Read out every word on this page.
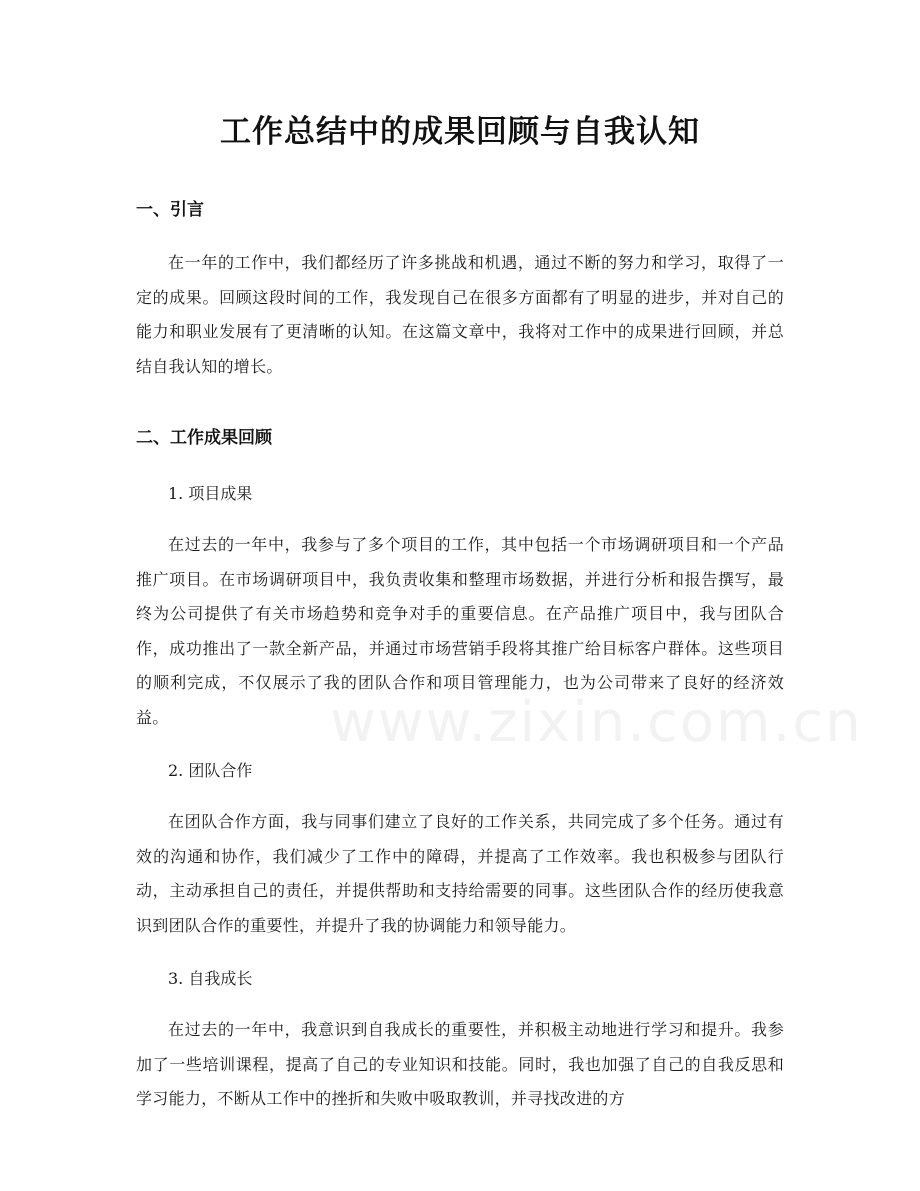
工作总结中的成果回顾与自我认知
一、引言

在一年的工作中，我们都经历了许多挑战和机遇，通过不断的努力和学习，取得了一定的成果。回顾这段时间的工作，我发现自己在很多方面都有了明显的进步，并对自己的能力和职业发展有了更清晰的认知。在这篇文章中，我将对工作中的成果进行回顾，并总结自我认知的增长。

二、工作成果回顾
1. 项目成果

在过去的一年中，我参与了多个项目的工作，其中包括一个市场调研项目和一个产品推广项目。在市场调研项目中，我负责收集和整理市场数据，并进行分析和报告撰写，最终为公司提供了有关市场趋势和竞争对手的重要信息。在产品推广项目中，我与团队合作，成功推出了一款全新产品，并通过市场营销手段将其推广给目标客户群体。这些项目的顺利完成，不仅展示了我的团队合作和项目管理能力，也为公司带来了良好的经济效益。

2. 团队合作

在团队合作方面，我与同事们建立了良好的工作关系，共同完成了多个任务。通过有效的沟通和协作，我们减少了工作中的障碍，并提高了工作效率。我也积极参与团队行动，主动承担自己的责任，并提供帮助和支持给需要的同事。这些团队合作的经历使我意识到团队合作的重要性，并提升了我的协调能力和领导能力。

3. 自我成长

在过去的一年中，我意识到自我成长的重要性，并积极主动地进行学习和提升。我参加了一些培训课程，提高了自己的专业知识和技能。同时，我也加强了自己的自我反思和学习能力，不断从工作中的挫折和失败中吸取教训，并寻找改进的方

www.zixin.com.cn
